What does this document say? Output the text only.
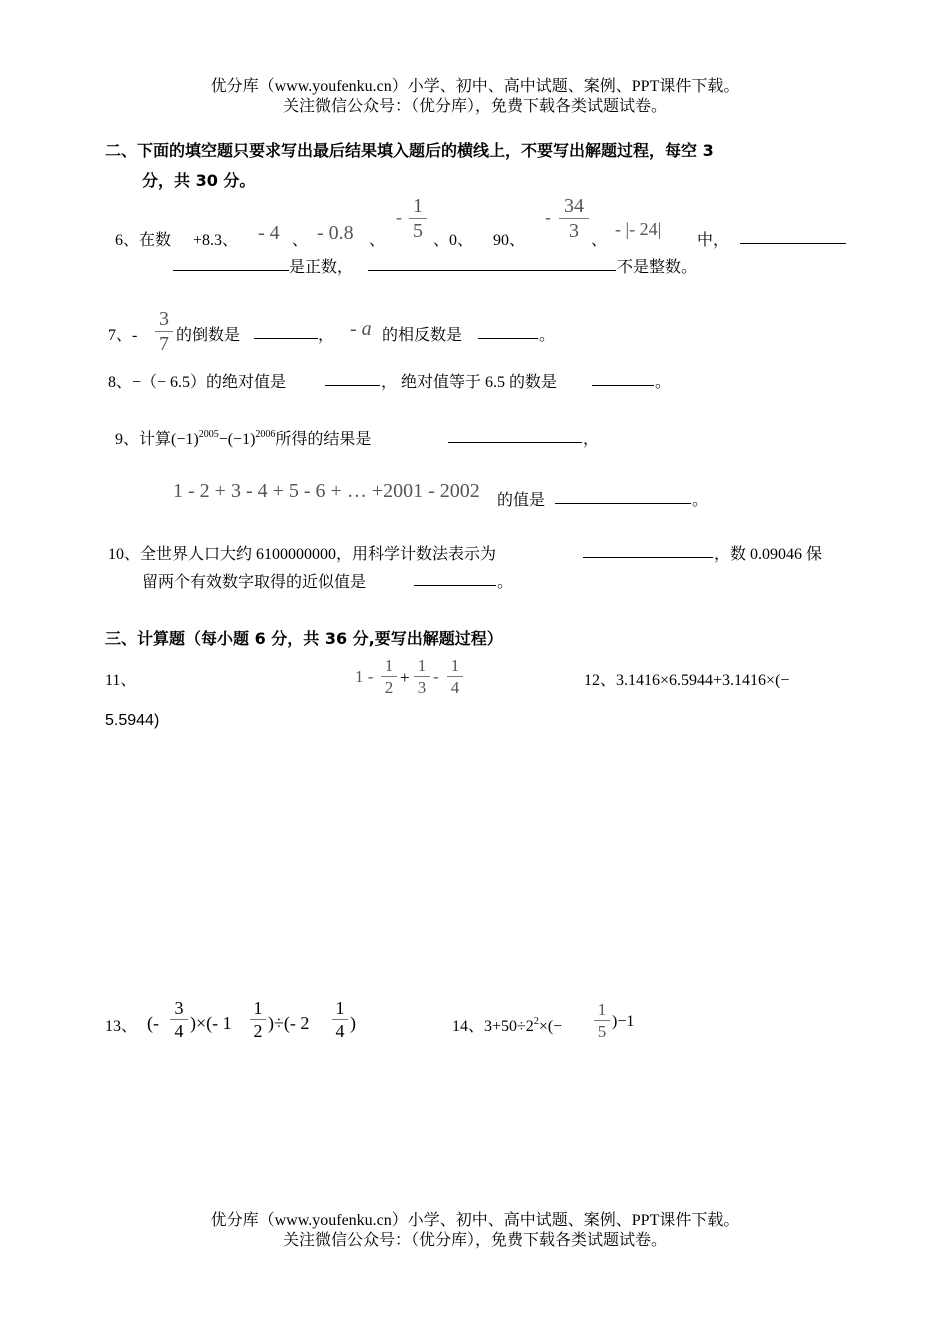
优分库（www.youfenku.cn）小学、初中、高中试题、案例、PPT课件下载。
关注微信公众号：（优分库），免费下载各类试题试卷。
二、下面的填空题只要求写出最后结果填入题后的横线上，不要写出解题过程，每空 3
分，共 30 分。
6、在数 +8.3、 - 4 、 - 0.8 、
- 1
5 、0、 90、
- 34
3 、
- |- 24|
中，
是正数，	不是整数。
7、-
3
7 的倒数是	， - a 的相反数是	。
8、−（− 6.5）的绝对值是	， 绝对值等于 6.5 的数是	。
9、计算$(-1)^{2005}-(-1)^{2006}$所得的结果是	，
1 - 2 + 3 - 4 + 5 - 6 + … +2001 - 2002 的值是	。
10、全世界人口大约 6100000000，用科学计数法表示为	，数 0.09046 保
留两个有效数字取得的近似值是	。
三、计算题（每小题 6 分，共 36 分,要写出解题过程）
11、	1 -
1
2
+
1
3
-
1
4	12、3.1416×6.5944+3.1416×(−
5.5944)
13、 (-
3
4 )×(- 1
1
2 )÷(- 2
1
4 )	14、$3+50\div 2^2\times(-$
1
5
)−1
优分库（www.youfenku.cn）小学、初中、高中试题、案例、PPT课件下载。
关注微信公众号：（优分库），免费下载各类试题试卷。
